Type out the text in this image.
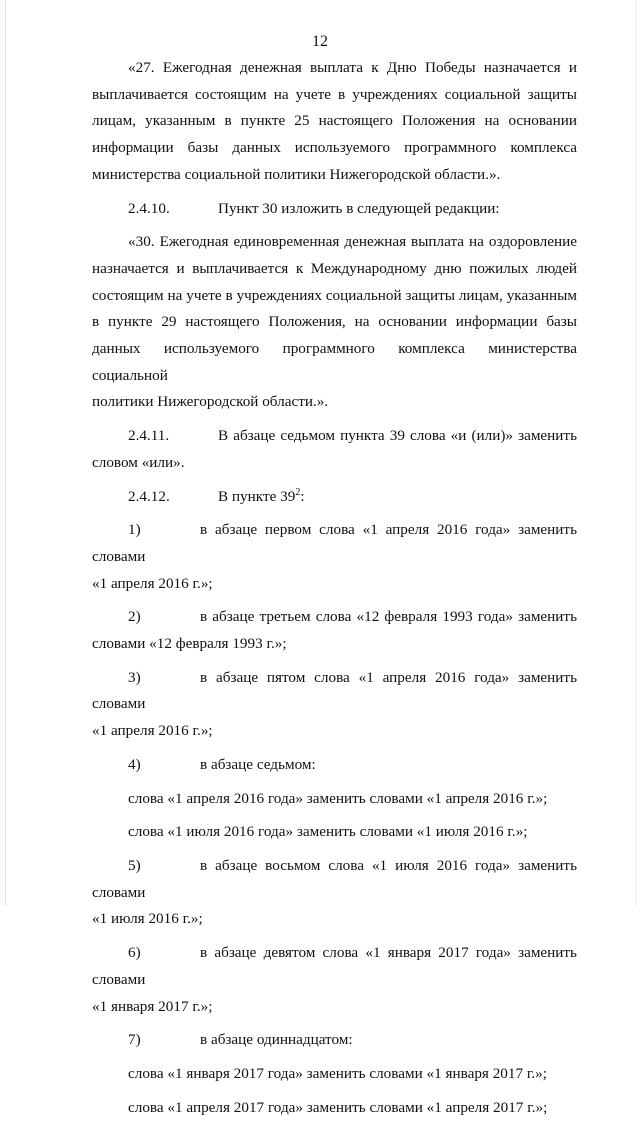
12

«27. Ежегодная денежная выплата к Дню Победы назначается и

выплачивается состоящим на учете в учреждениях социальной защиты

лицам, указанным в пункте 25 настоящего Положения на основании

информации базы данных используемого программного комплекса

министерства социальной политики Нижегородской области.».

2.4.10.	Пункт 30 изложить в следующей редакции:

«30. Ежегодная единовременная денежная выплата на оздоровление

назначается и выплачивается к Международному дню пожилых людей

состоящим на учете в учреждениях социальной защиты лицам, указанным

в пункте 29 настоящего Положения, на основании информации базы

данных используемого программного комплекса министерства социальной

политики Нижегородской области.».

2.4.11.	В абзаце седьмом пункта 39 слова «и (или)» заменить

словом «или».

2.4.12.	В пункте $39^2$:

1)	в абзаце первом слова «1 апреля 2016 года» заменить словами

«1 апреля 2016 г.»;

2)	в абзаце третьем слова «12 февраля 1993 года» заменить

словами «12 февраля 1993 г.»;

3)	в абзаце пятом слова «1 апреля 2016 года» заменить словами

«1 апреля 2016 г.»;

4)	в абзаце седьмом:

слова «1 апреля 2016 года» заменить словами «1 апреля 2016 г.»;

слова «1 июля 2016 года» заменить словами «1 июля 2016 г.»;

5)	в абзаце восьмом слова «1 июля 2016 года» заменить словами

«1 июля 2016 г.»;

6)	в абзаце девятом слова «1 января 2017 года» заменить словами

«1 января 2017 г.»;

7)	в абзаце одиннадцатом:

слова «1 января 2017 года» заменить словами «1 января 2017 г.»;

слова «1 апреля 2017 года» заменить словами «1 апреля 2017 г.»;
